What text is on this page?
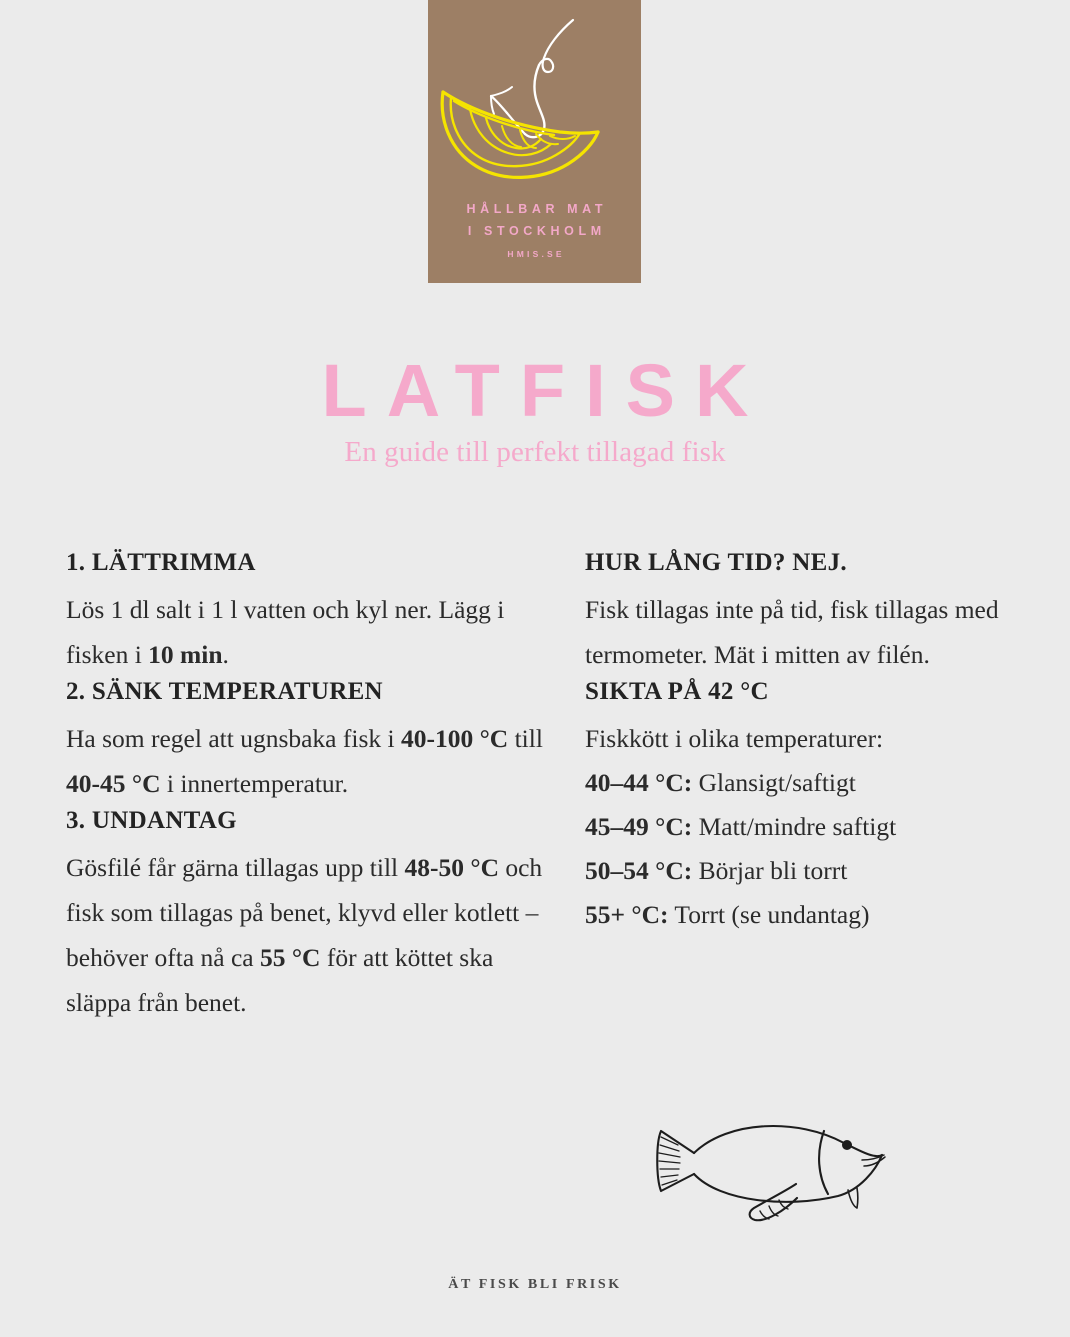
HÅLLBAR MAT
I STOCKHOLM
HMIS.SE
LATFISK

En guide till perfekt tillagad fisk

1. LÄTTRIMMA

Lös 1 dl salt i 1 l vatten och kyl ner. Lägg i fisken i 10 min.

2. SÄNK TEMPERATUREN

Ha som regel att ugnsbaka fisk i 40-100 °C till 40-45 °C i innertemperatur.

3. UNDANTAG

Gösfilé får gärna tillagas upp till 48-50 °C och fisk som tillagas på benet, klyvd eller kotlett – behöver ofta nå ca 55 °C för att köttet ska släppa från benet.

HUR LÅNG TID? NEJ.

Fisk tillagas inte på tid, fisk tillagas med termometer. Mät i mitten av filén.

SIKTA PÅ 42 °C

Fiskkött i olika temperaturer:

40–44 °C: Glansigt/saftigt
45–49 °C: Matt/mindre saftigt
50–54 °C: Börjar bli torrt
55+ °C: Torrt (se undantag)
ÄT FISK BLI FRISK
